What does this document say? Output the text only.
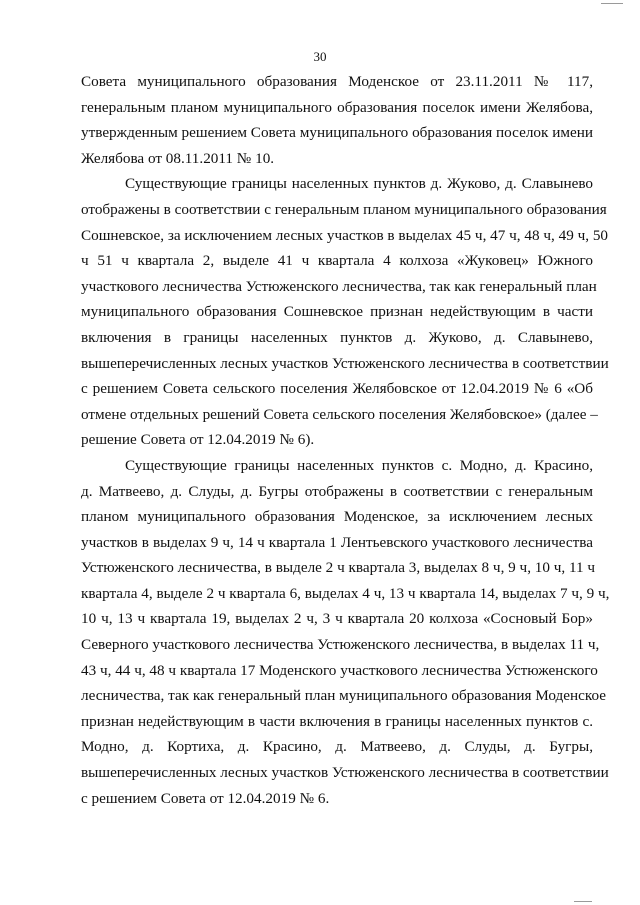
30
Совета муниципального образования Моденское от 23.11.2011 № 117,
генеральным планом муниципального образования поселок имени Желябова,
утвержденным решением Совета муниципального образования поселок имени
Желябова от 08.11.2011 № 10.
Существующие границы населенных пунктов д. Жуково, д. Славынево
отображены в соответствии с генеральным планом муниципального образования
Сошневское, за исключением лесных участков в выделах 45 ч, 47 ч, 48 ч, 49 ч, 50
ч 51 ч квартала 2, выделе 41 ч квартала 4 колхоза «Жуковец» Южного
участкового лесничества Устюженского лесничества, так как генеральный план
муниципального образования Сошневское признан недействующим в части
включения в границы населенных пунктов д. Жуково, д. Славынево,
вышеперечисленных лесных участков Устюженского лесничества в соответствии
с решением Совета сельского поселения Желябовское от 12.04.2019 № 6 «Об
отмене отдельных решений Совета сельского поселения Желябовское» (далее –
решение Совета от 12.04.2019 № 6).
Существующие границы населенных пунктов с. Модно, д. Красино,
д. Матвеево, д. Слуды, д. Бугры отображены в соответствии с генеральным
планом муниципального образования Моденское, за исключением лесных
участков в выделах 9 ч, 14 ч квартала 1 Лентьевского участкового лесничества
Устюженского лесничества, в выделе 2 ч квартала 3, выделах 8 ч, 9 ч, 10 ч, 11 ч
квартала 4, выделе 2 ч квартала 6, выделах 4 ч, 13 ч квартала 14, выделах 7 ч, 9 ч,
10 ч, 13 ч квартала 19, выделах 2 ч, 3 ч квартала 20 колхоза «Сосновый Бор»
Северного участкового лесничества Устюженского лесничества, в выделах 11 ч,
43 ч, 44 ч, 48 ч квартала 17 Моденского участкового лесничества Устюженского
лесничества, так как генеральный план муниципального образования Моденское
признан недействующим в части включения в границы населенных пунктов с.
Модно, д. Кортиха, д. Красино, д. Матвеево, д. Слуды, д. Бугры,
вышеперечисленных лесных участков Устюженского лесничества в соответствии
с решением Совета от 12.04.2019 № 6.
